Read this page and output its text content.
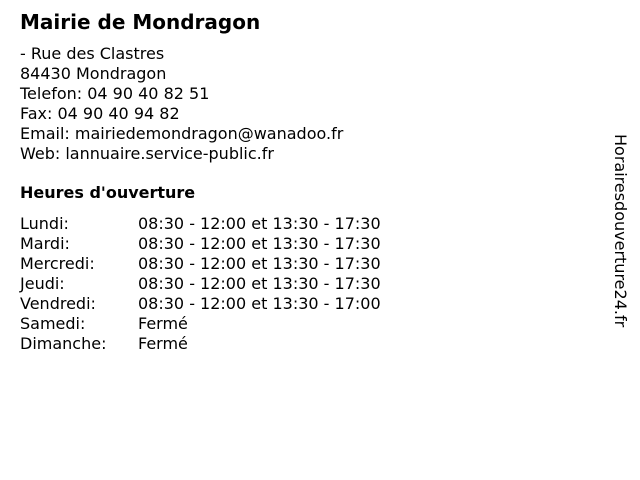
Mairie de Mondragon
- Rue des Clastres
84430 Mondragon
Telefon: 04 90 40 82 51
Fax: 04 90 40 94 82
Email: mairiedemondragon@wanadoo.fr
Web: lannuaire.service-public.fr
Heures d'ouverture
Lundi:	08:30 - 12:00 et 13:30 - 17:30
Mardi:	08:30 - 12:00 et 13:30 - 17:30
Mercredi:	08:30 - 12:00 et 13:30 - 17:30
Jeudi:	08:30 - 12:00 et 13:30 - 17:30
Vendredi:	08:30 - 12:00 et 13:30 - 17:00
Samedi:	Fermé
Dimanche: Fermé
Horairesdouverture24.fr
